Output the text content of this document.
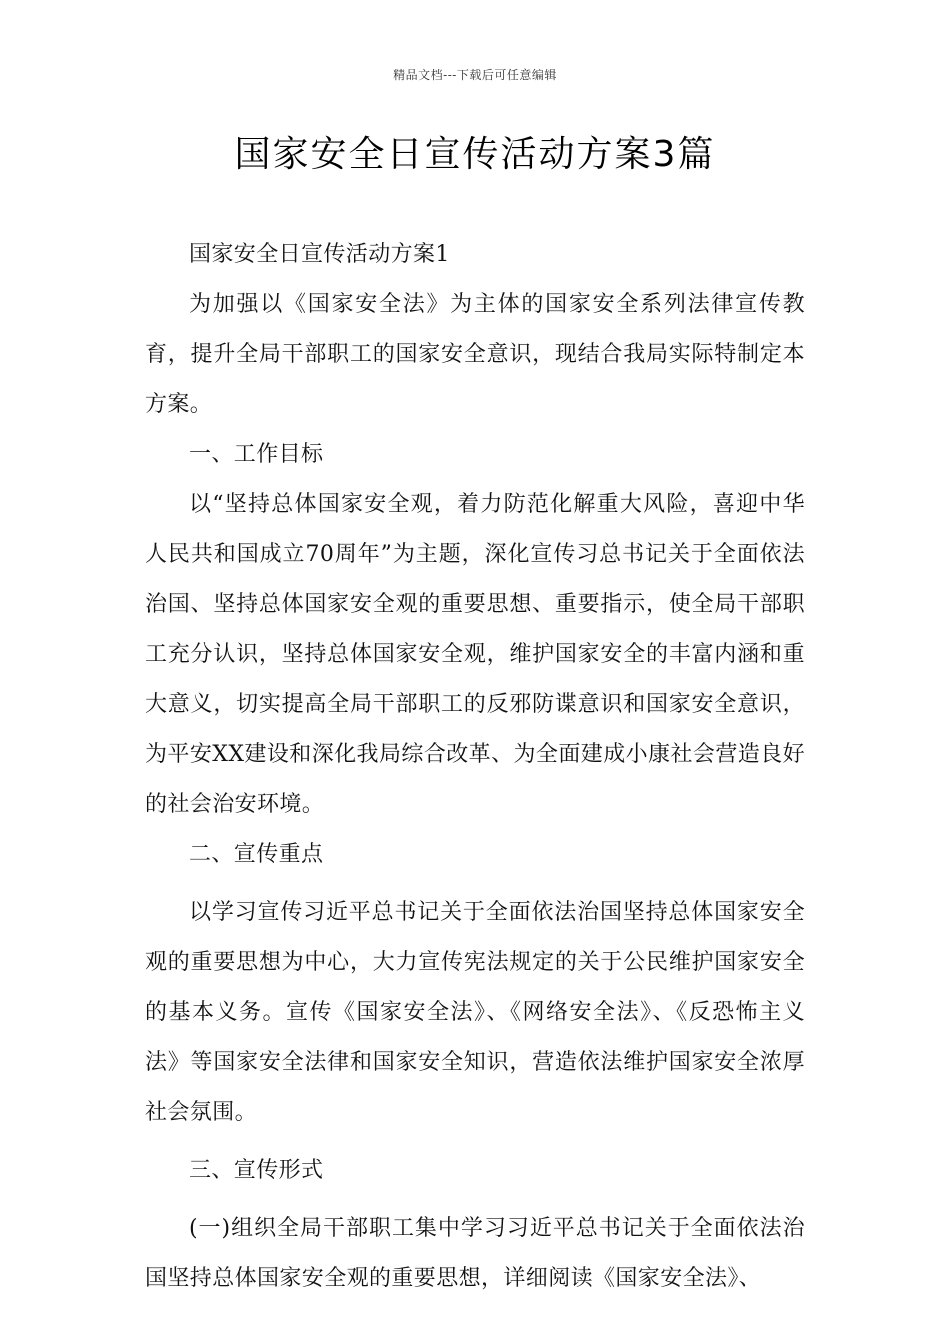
精品文档---下载后可任意编辑
国家安全日宣传活动方案3篇

国家安全日宣传活动方案1

为加强以《国家安全法》为主体的国家安全系列法律宣传教育，提升全局干部职工的国家安全意识，现结合我局实际特制定本方案。

一、工作目标

以“坚持总体国家安全观，着力防范化解重大风险，喜迎中华人民共和国成立70周年”为主题，深化宣传习总书记关于全面依法治国、坚持总体国家安全观的重要思想、重要指示，使全局干部职工充分认识，坚持总体国家安全观，维护国家安全的丰富内涵和重大意义，切实提高全局干部职工的反邪防谍意识和国家安全意识，为平安XX建设和深化我局综合改革、为全面建成小康社会营造良好的社会治安环境。

二、宣传重点

以学习宣传习近平总书记关于全面依法治国坚持总体国家安全观的重要思想为中心，大力宣传宪法规定的关于公民维护国家安全的基本义务。宣传《国家安全法》、《网络安全法》、《反恐怖主义法》等国家安全法律和国家安全知识，营造依法维护国家安全浓厚社会氛围。

三、宣传形式

(一)组织全局干部职工集中学习习近平总书记关于全面依法治国坚持总体国家安全观的重要思想，详细阅读《国家安全法》、
